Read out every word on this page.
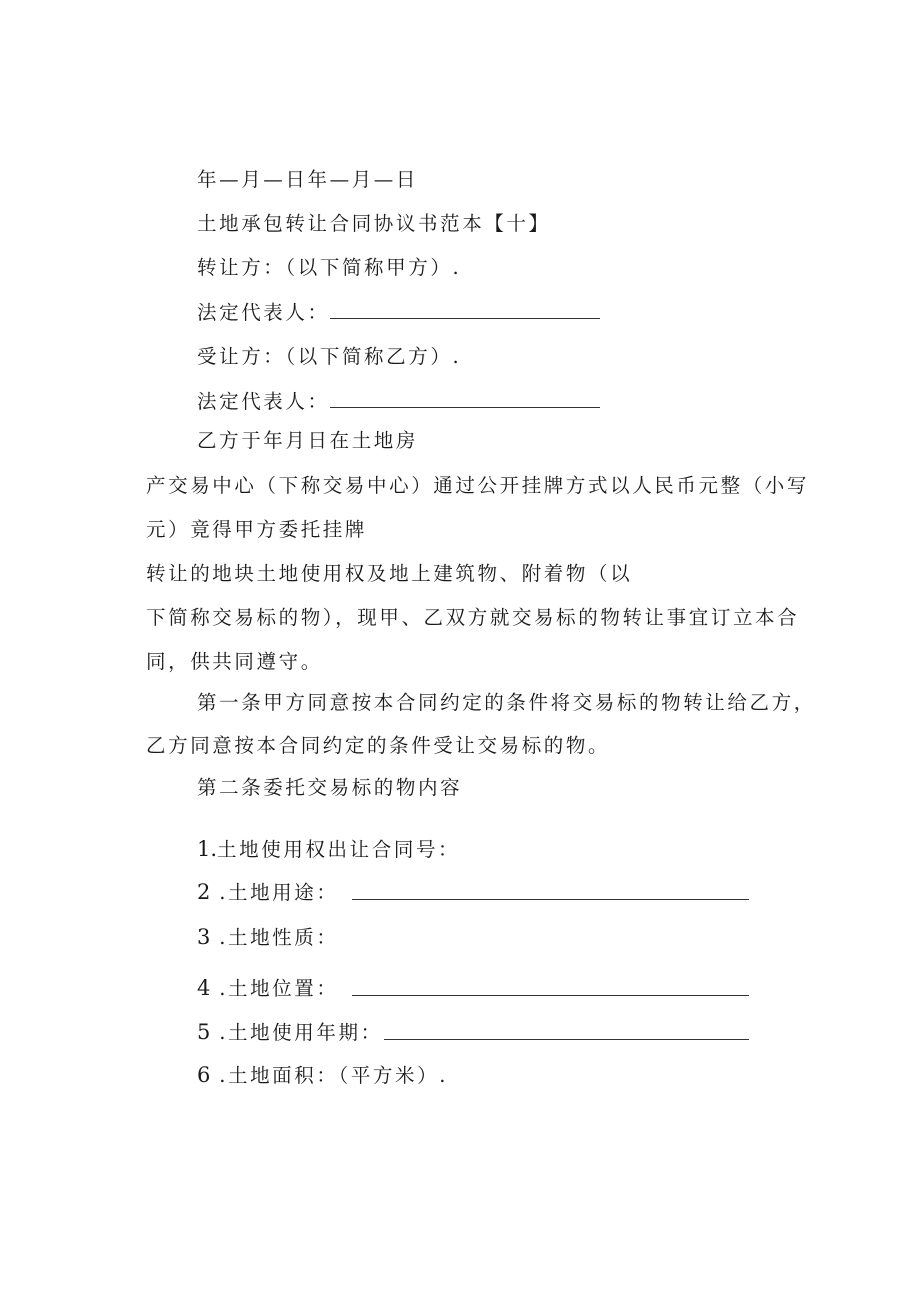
年—月—日年—月—日
土地承包转让合同协议书范本【十】
转让方：（以下简称甲方）.
法定代表人：
受让方：（以下简称乙方）.
法定代表人：
乙方于年月日在土地房
产交易中心（下称交易中心）通过公开挂牌方式以人民币元整（小写
元）竟得甲方委托挂牌
转让的地块土地使用权及地上建筑物、附着物（以
下简称交易标的物），现甲、乙双方就交易标的物转让事宜订立本合
同，供共同遵守。
第一条甲方同意按本合同约定的条件将交易标的物转让给乙方，
乙方同意按本合同约定的条件受让交易标的物。
第二条委托交易标的物内容
1.土地使用权出让合同号：
2 .土地用途：
3 .土地性质：
4 .土地位置：
5 .土地使用年期：
6 .土地面积：（平方米）.
